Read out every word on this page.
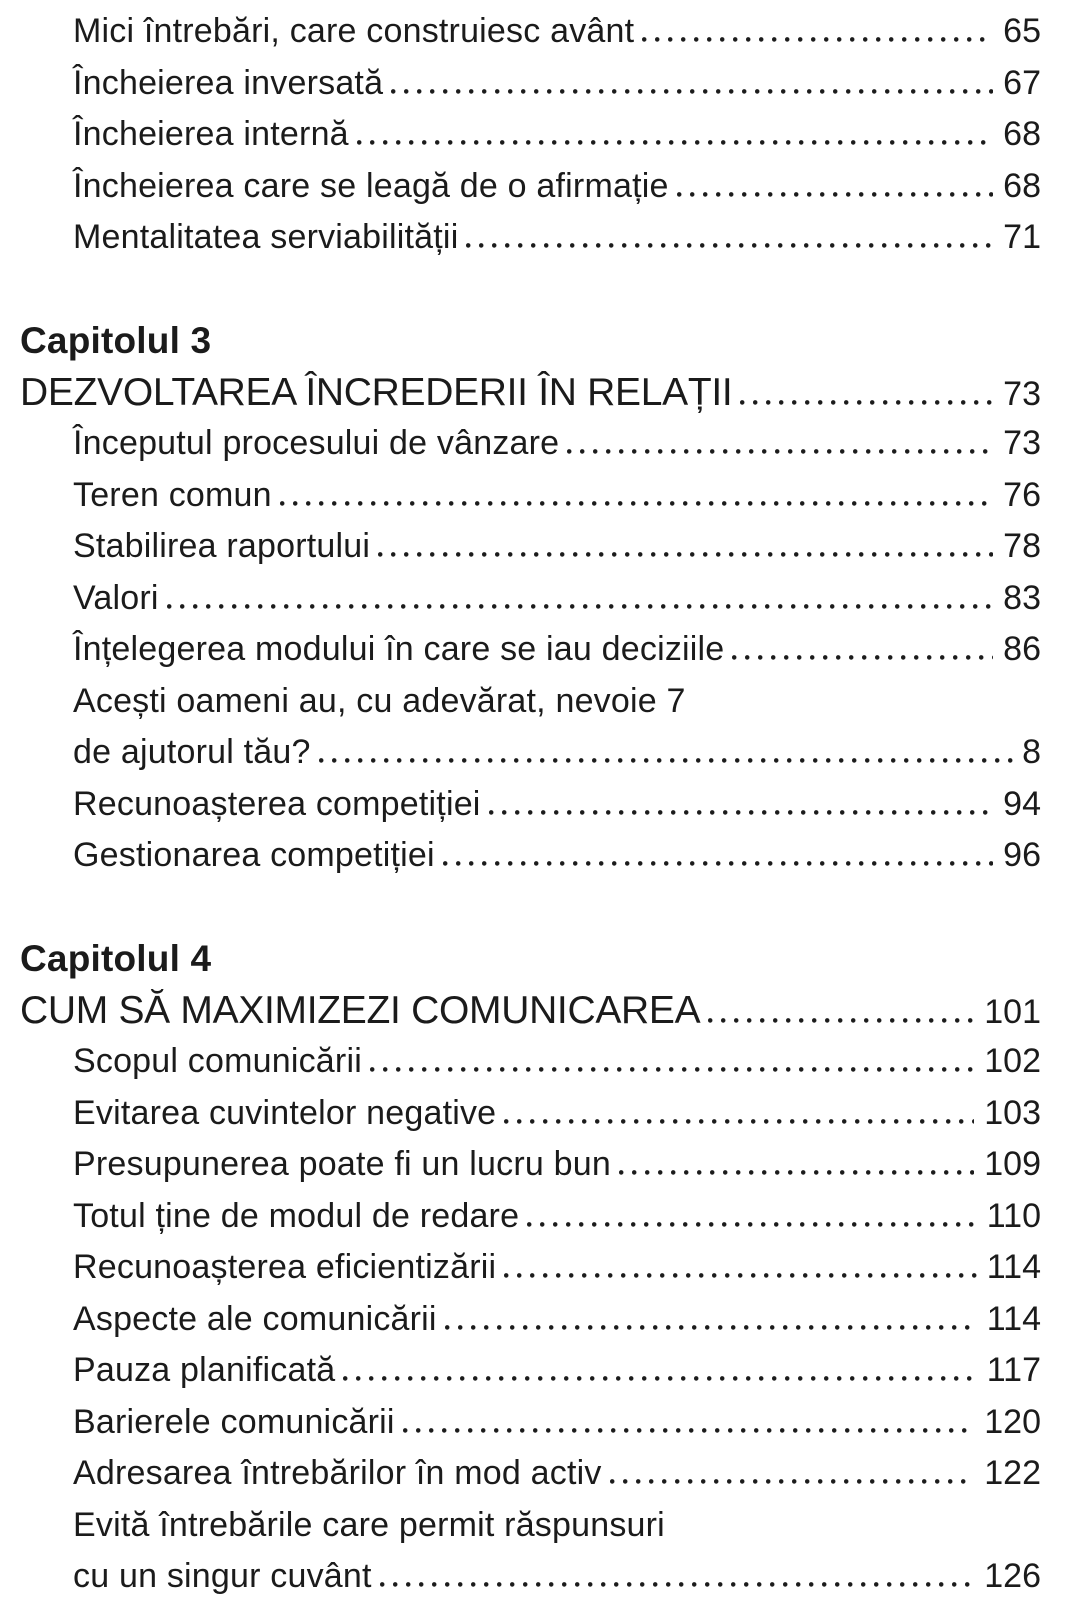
Mici întrebări, care construiesc avânt	65
Încheierea inversată	67
Încheierea internă	68
Încheierea care se leagă de o afirmație	68
Mentalitatea serviabilității	71
Capitolul 3
DEZVOLTAREA ÎNCREDERII ÎN RELAȚII	73
Începutul procesului de vânzare	73
Teren comun	76
Stabilirea raportului	78
Valori	83
Înțelegerea modului în care se iau deciziile	86
Acești oameni au, cu adevărat, nevoie 7
de ajutorul tău?	8
Recunoașterea competiției	94
Gestionarea competiției	96
Capitolul 4
CUM SĂ MAXIMIZEZI COMUNICAREA	101
Scopul comunicării	102
Evitarea cuvintelor negative	103
Presupunerea poate fi un lucru bun	109
Totul ține de modul de redare	110
Recunoașterea eficientizării	114
Aspecte ale comunicării	114
Pauza planificată	117
Barierele comunicării	120
Adresarea întrebărilor în mod activ	122
Evită întrebările care permit răspunsuri
cu un singur cuvânt	126
